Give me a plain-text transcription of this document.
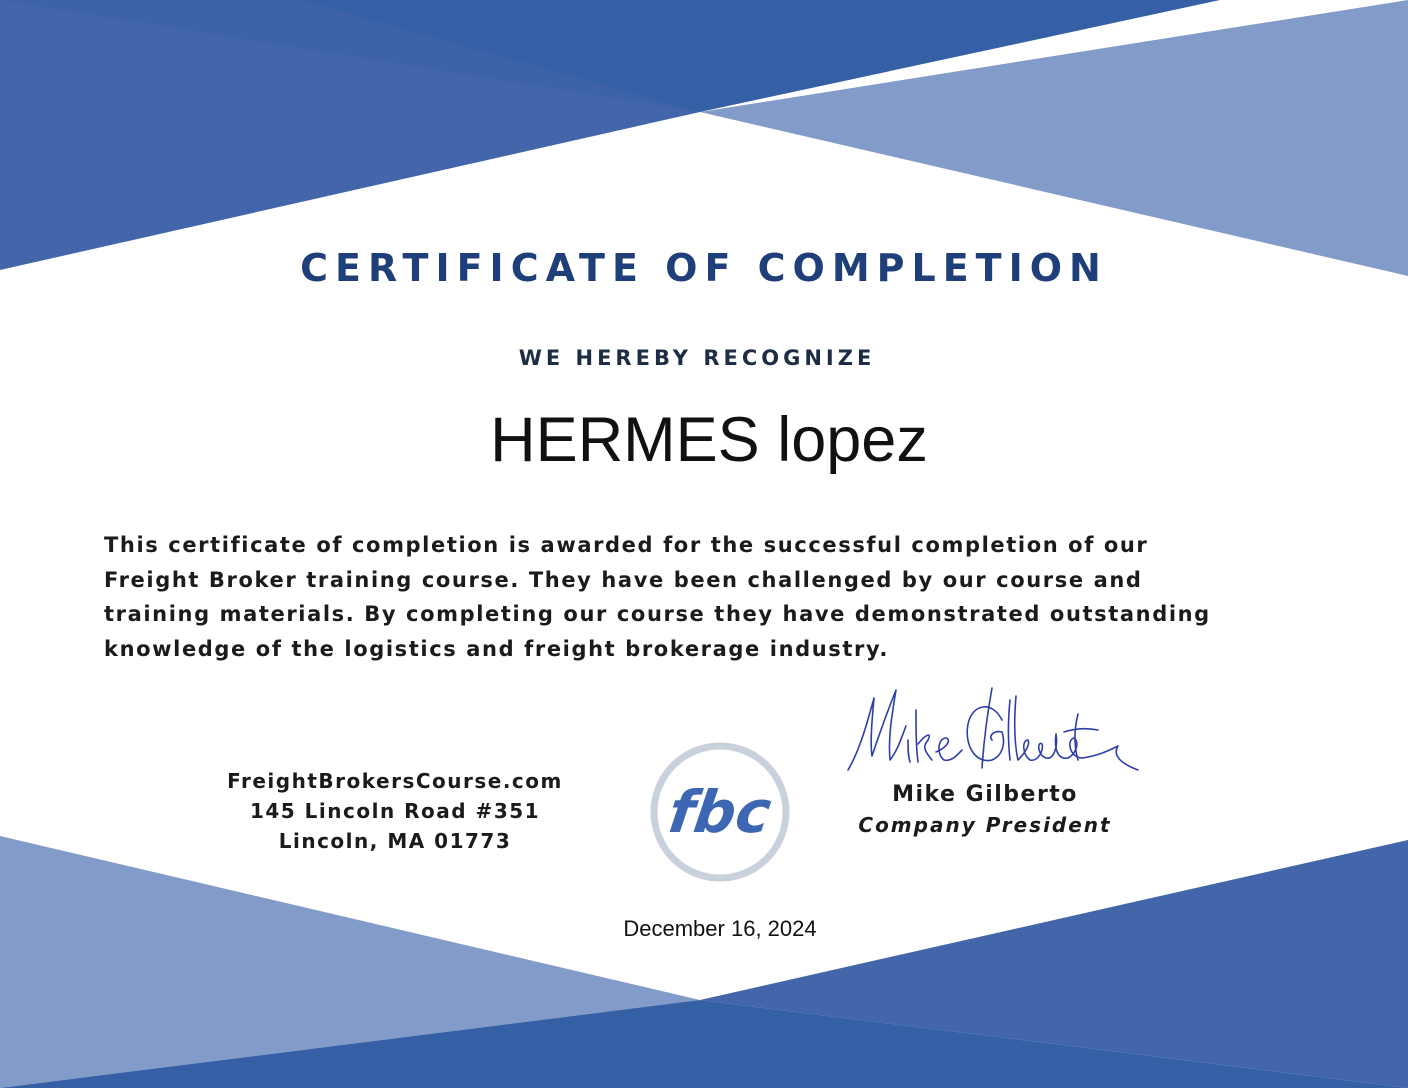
CERTIFICATE OF COMPLETION
WE HEREBY RECOGNIZE
HERMES lopez
This certificate of completion is awarded for the successful completion of our
Freight Broker training course. They have been challenged by our course and
training materials. By completing our course they have demonstrated outstanding
knowledge of the logistics and freight brokerage industry.
FreightBrokersCourse.com
145 Lincoln Road #351
Lincoln, MA 01773	fbc	Mike Gilberto
Company President
December 16, 2024
